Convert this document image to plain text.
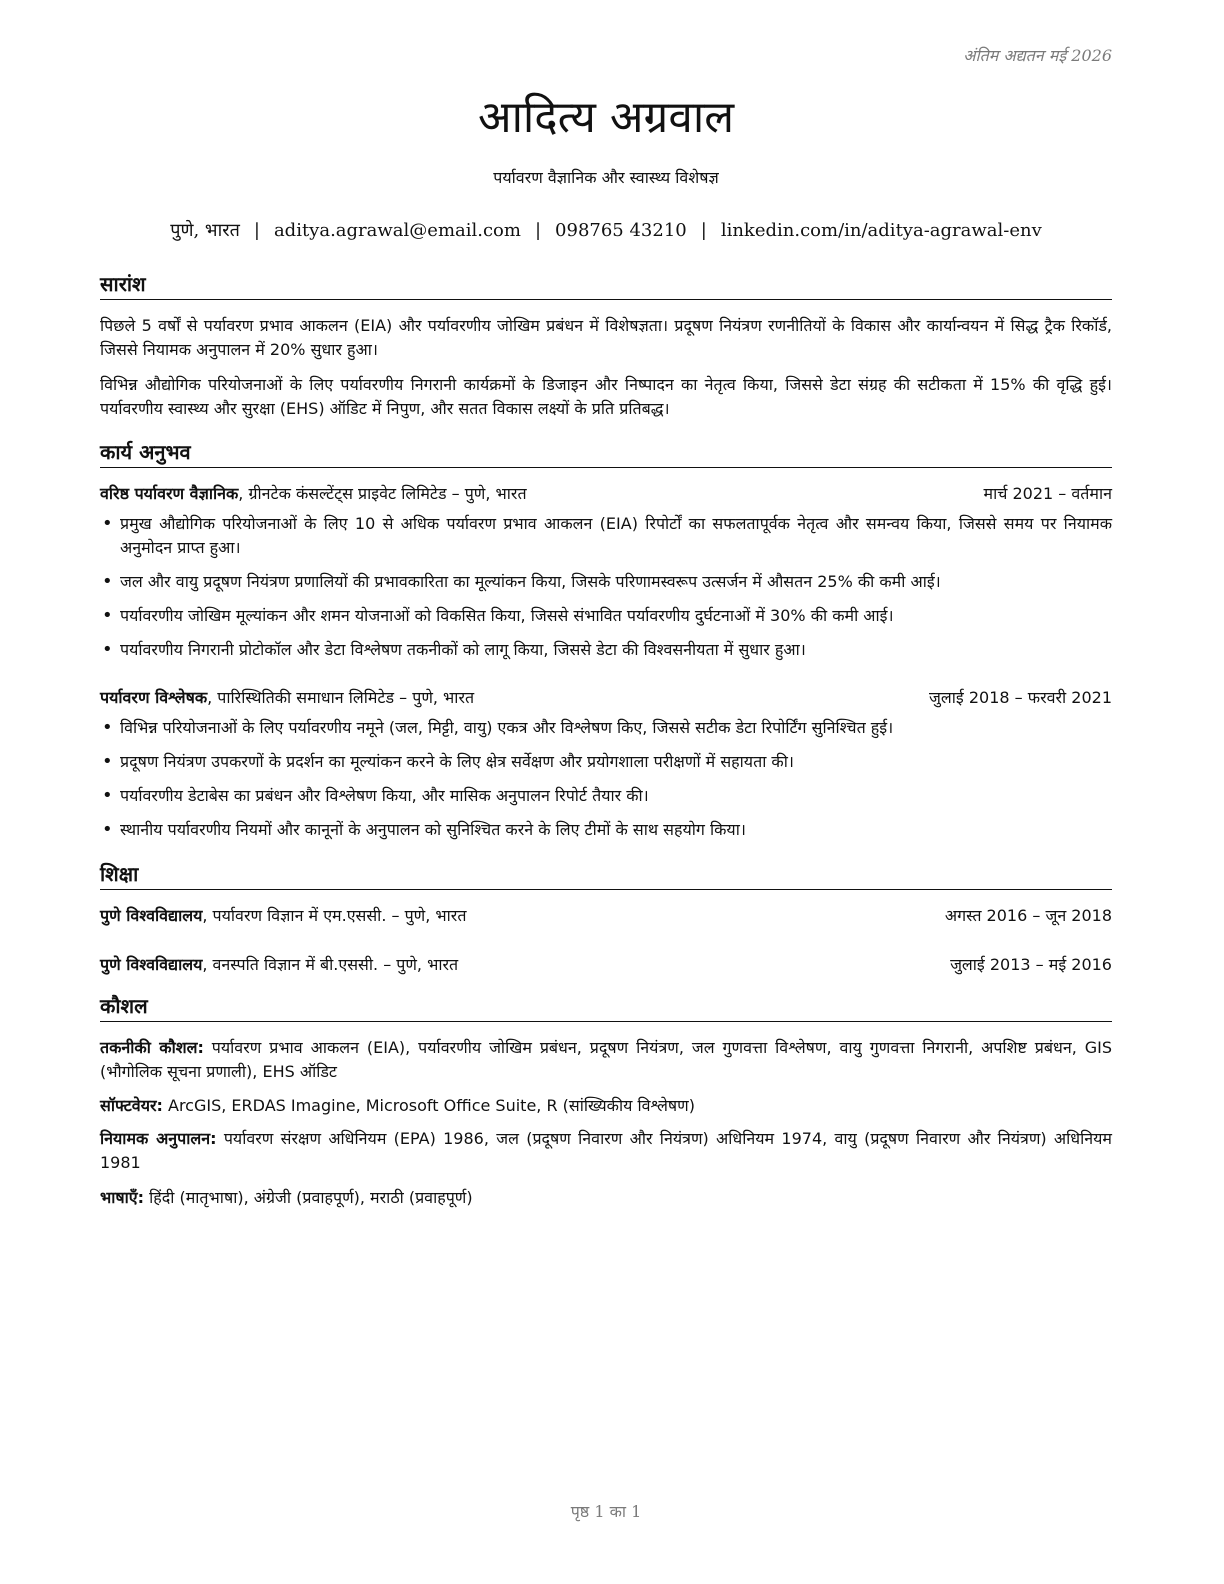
अंतिम अद्यतन मई 2026
आदित्य अग्रवाल
पर्यावरण वैज्ञानिक और स्वास्थ्य विशेषज्ञ
पुणे, भारत | aditya.agrawal@email.com | 098765 43210 | linkedin.com/in/aditya-agrawal-env
सारांश

पिछले 5 वर्षों से पर्यावरण प्रभाव आकलन (EIA) और पर्यावरणीय जोखिम प्रबंधन में विशेषज्ञता। प्रदूषण नियंत्रण रणनीतियों के विकास और कार्यान्वयन में सिद्ध ट्रैक रिकॉर्ड, जिससे नियामक अनुपालन में 20% सुधार हुआ।

विभिन्न औद्योगिक परियोजनाओं के लिए पर्यावरणीय निगरानी कार्यक्रमों के डिजाइन और निष्पादन का नेतृत्व किया, जिससे डेटा संग्रह की सटीकता में 15% की वृद्धि हुई। पर्यावरणीय स्वास्थ्य और सुरक्षा (EHS) ऑडिट में निपुण, और सतत विकास लक्ष्यों के प्रति प्रतिबद्ध।

कार्य अनुभव
वरिष्ठ पर्यावरण वैज्ञानिक, ग्रीनटेक कंसल्टेंट्स प्राइवेट लिमिटेड – पुणे, भारत	मार्च 2021 – वर्तमान
• प्रमुख औद्योगिक परियोजनाओं के लिए 10 से अधिक पर्यावरण प्रभाव आकलन (EIA) रिपोर्टों का सफलतापूर्वक नेतृत्व और समन्वय किया, जिससे समय पर नियामक अनुमोदन प्राप्त हुआ।
• जल और वायु प्रदूषण नियंत्रण प्रणालियों की प्रभावकारिता का मूल्यांकन किया, जिसके परिणामस्वरूप उत्सर्जन में औसतन 25% की कमी आई।
• पर्यावरणीय जोखिम मूल्यांकन और शमन योजनाओं को विकसित किया, जिससे संभावित पर्यावरणीय दुर्घटनाओं में 30% की कमी आई।
• पर्यावरणीय निगरानी प्रोटोकॉल और डेटा विश्लेषण तकनीकों को लागू किया, जिससे डेटा की विश्वसनीयता में सुधार हुआ।
पर्यावरण विश्लेषक, पारिस्थितिकी समाधान लिमिटेड – पुणे, भारत	जुलाई 2018 – फरवरी 2021
• विभिन्न परियोजनाओं के लिए पर्यावरणीय नमूने (जल, मिट्टी, वायु) एकत्र और विश्लेषण किए, जिससे सटीक डेटा रिपोर्टिंग सुनिश्चित हुई।
• प्रदूषण नियंत्रण उपकरणों के प्रदर्शन का मूल्यांकन करने के लिए क्षेत्र सर्वेक्षण और प्रयोगशाला परीक्षणों में सहायता की।
• पर्यावरणीय डेटाबेस का प्रबंधन और विश्लेषण किया, और मासिक अनुपालन रिपोर्ट तैयार की।
• स्थानीय पर्यावरणीय नियमों और कानूनों के अनुपालन को सुनिश्चित करने के लिए टीमों के साथ सहयोग किया।
शिक्षा
पुणे विश्वविद्यालय, पर्यावरण विज्ञान में एम.एससी. – पुणे, भारत	अगस्त 2016 – जून 2018
पुणे विश्वविद्यालय, वनस्पति विज्ञान में बी.एससी. – पुणे, भारत	जुलाई 2013 – मई 2016
कौशल

तकनीकी कौशल: पर्यावरण प्रभाव आकलन (EIA), पर्यावरणीय जोखिम प्रबंधन, प्रदूषण नियंत्रण, जल गुणवत्ता विश्लेषण, वायु गुणवत्ता निगरानी, अपशिष्ट प्रबंधन, GIS (भौगोलिक सूचना प्रणाली), EHS ऑडिट

सॉफ्टवेयर: ArcGIS, ERDAS Imagine, Microsoft Office Suite, R (सांख्यिकीय विश्लेषण)

नियामक अनुपालन: पर्यावरण संरक्षण अधिनियम (EPA) 1986, जल (प्रदूषण निवारण और नियंत्रण) अधिनियम 1974, वायु (प्रदूषण निवारण और नियंत्रण) अधिनियम 1981

भाषाएँ: हिंदी (मातृभाषा), अंग्रेजी (प्रवाहपूर्ण), मराठी (प्रवाहपूर्ण)

पृष्ठ 1 का 1
